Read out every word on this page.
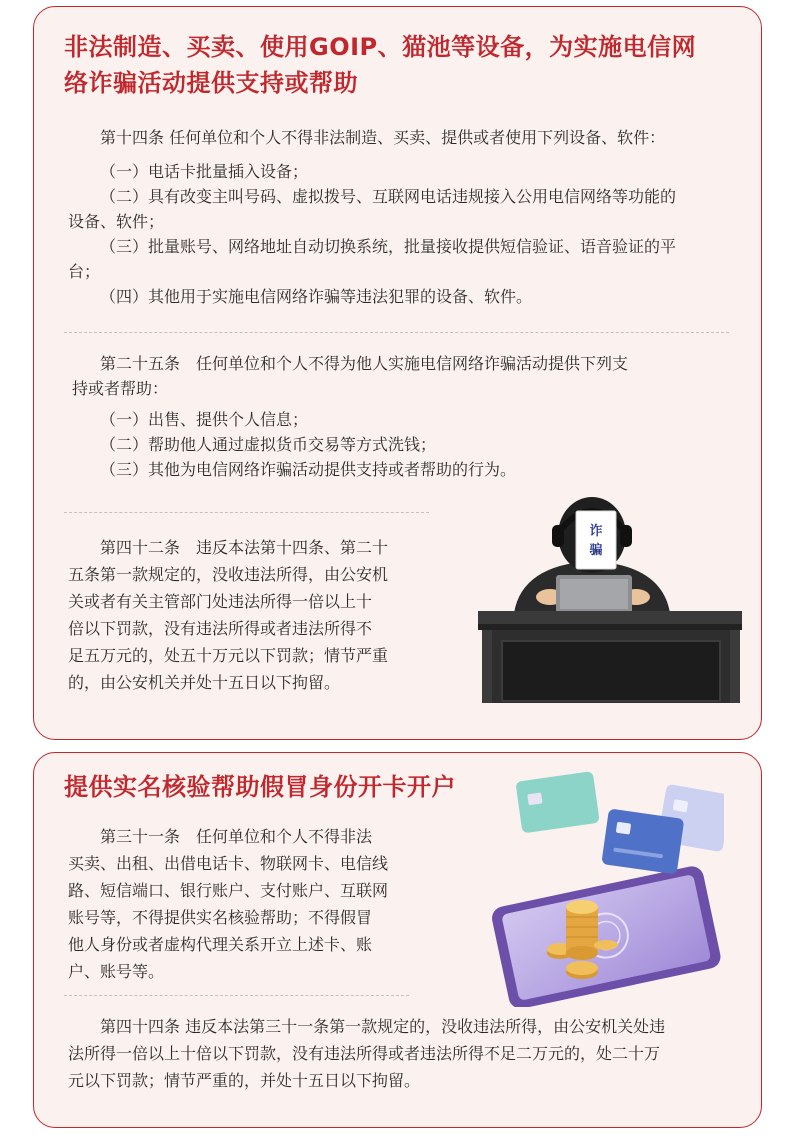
非法制造、买卖、使用GOIP、猫池等设备，为实施电信网
络诈骗活动提供支持或帮助

第十四条 任何单位和个人不得非法制造、买卖、提供或者使用下列设备、软件：

（一）电话卡批量插入设备；

（二）具有改变主叫号码、虚拟拨号、互联网电话违规接入公用电信网络等功能的

设备、软件；

（三）批量账号、网络地址自动切换系统，批量接收提供短信验证、语音验证的平

台；

（四）其他用于实施电信网络诈骗等违法犯罪的设备、软件。

第二十五条　任何单位和个人不得为他人实施电信网络诈骗活动提供下列支

持或者帮助：

（一）出售、提供个人信息；

（二）帮助他人通过虚拟货币交易等方式洗钱；

（三）其他为电信网络诈骗活动提供支持或者帮助的行为。

第四十二条　违反本法第十四条、第二十

五条第一款规定的，没收违法所得，由公安机

关或者有关主管部门处违法所得一倍以上十

倍以下罚款，没有违法所得或者违法所得不

足五万元的，处五十万元以下罚款；情节严重

的，由公安机关并处十五日以下拘留。

诈
骗
提供实名核验帮助假冒身份开卡开户

第三十一条　任何单位和个人不得非法

买卖、出租、出借电话卡、物联网卡、电信线

路、短信端口、银行账户、支付账户、互联网

账号等，不得提供实名核验帮助；不得假冒

他人身份或者虚构代理关系开立上述卡、账

户、账号等。

第四十四条 违反本法第三十一条第一款规定的，没收违法所得，由公安机关处违

法所得一倍以上十倍以下罚款，没有违法所得或者违法所得不足二万元的，处二十万

元以下罚款；情节严重的，并处十五日以下拘留。
